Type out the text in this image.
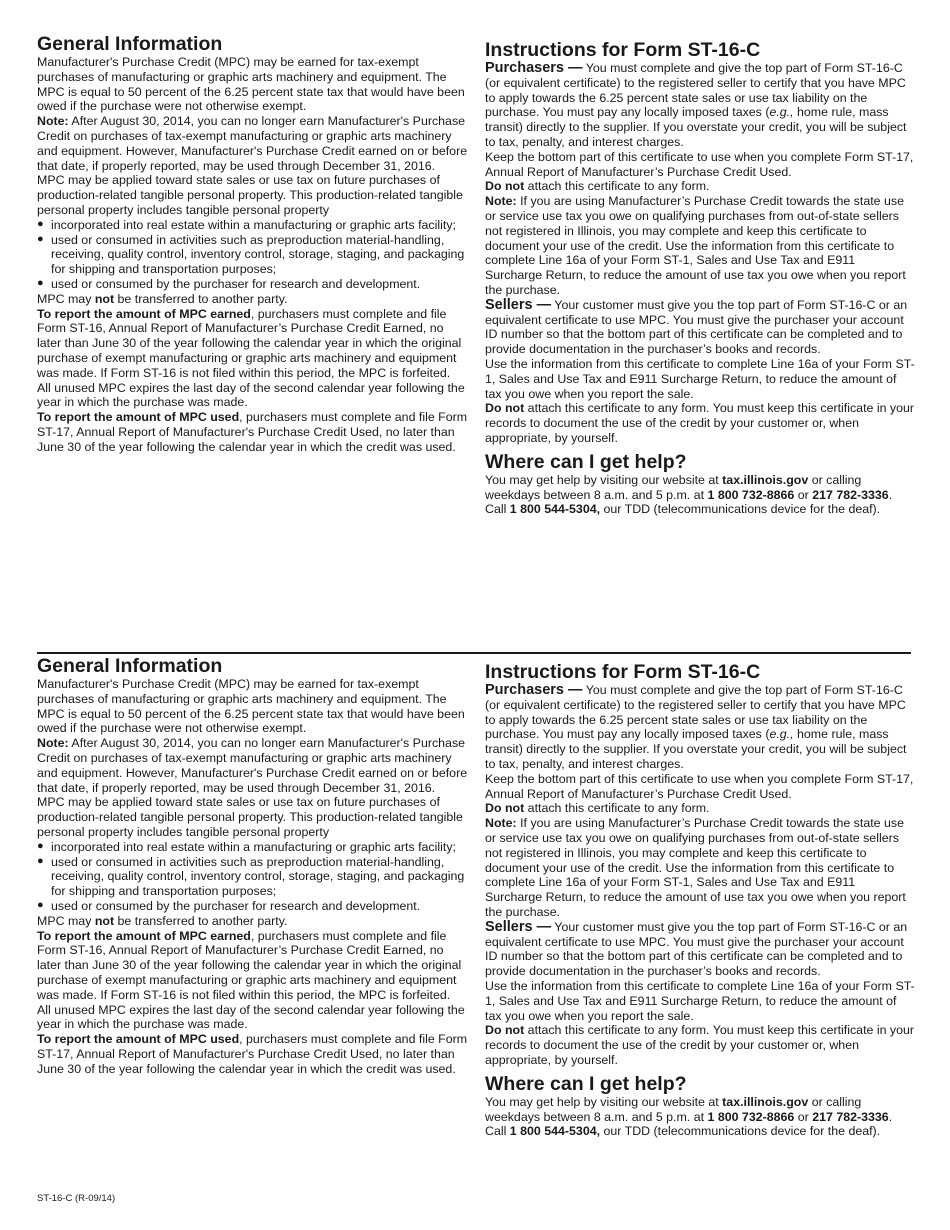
General Information

Manufacturer's Purchase Credit (MPC) may be earned for tax-exempt purchases of manufacturing or graphic arts machinery and equipment. The MPC is equal to 50 percent of the 6.25 percent state tax that would have been owed if the purchase were not otherwise exempt.

Note: After August 30, 2014, you can no longer earn Manufacturer's Purchase Credit on purchases of tax-exempt manufacturing or graphic arts machinery and equipment. However, Manufacturer's Purchase Credit earned on or before that date, if properly reported, may be used through December 31, 2016.

MPC may be applied toward state sales or use tax on future purchases of production-related tangible personal property. This production-related tangible personal property includes tangible personal property

● incorporated into real estate within a manufacturing or graphic arts facility;
● used or consumed in activities such as preproduction material-handling, receiving, quality control, inventory control, storage, staging, and packaging for shipping and transportation purposes;
● used or consumed by the purchaser for research and development.

MPC may not be transferred to another party.

To report the amount of MPC earned, purchasers must complete and file Form ST-16, Annual Report of Manufacturer’s Purchase Credit Earned, no later than June 30 of the year following the calendar year in which the original purchase of exempt manufacturing or graphic arts machinery and equipment was made. If Form ST-16 is not filed within this period, the MPC is forfeited.

All unused MPC expires the last day of the second calendar year following the year in which the purchase was made.

To report the amount of MPC used, purchasers must complete and file Form ST-17, Annual Report of Manufacturer's Purchase Credit Used, no later than June 30 of the year following the calendar year in which the credit was used.

Instructions for Form ST-16-C

Purchasers — You must complete and give the top part of Form ST-16-C (or equivalent certificate) to the registered seller to certify that you have MPC to apply towards the 6.25 percent state sales or use tax liability on the purchase. You must pay any locally imposed taxes (e.g., home rule, mass transit) directly to the supplier. If you overstate your credit, you will be subject to tax, penalty, and interest charges.

Keep the bottom part of this certificate to use when you complete Form ST-17, Annual Report of Manufacturer’s Purchase Credit Used.

Do not attach this certificate to any form.

Note: If you are using Manufacturer’s Purchase Credit towards the state use or service use tax you owe on qualifying purchases from out-of-state sellers not registered in Illinois, you may complete and keep this certificate to document your use of the credit. Use the information from this certificate to complete Line 16a of your Form ST-1, Sales and Use Tax and E911 Surcharge Return, to reduce the amount of use tax you owe when you report the purchase.

Sellers — Your customer must give you the top part of Form ST-16-C or an equivalent certificate to use MPC. You must give the purchaser your account ID number so that the bottom part of this certificate can be completed and to provide documentation in the purchaser’s books and records.

Use the information from this certificate to complete Line 16a of your Form ST-1, Sales and Use Tax and E911 Surcharge Return, to reduce the amount of tax you owe when you report the sale.

Do not attach this certificate to any form. You must keep this certificate in your records to document the use of the credit by your customer or, when appropriate, by yourself.

Where can I get help?

You may get help by visiting our website at tax.illinois.gov or calling weekdays between 8 a.m. and 5 p.m. at 1 800 732-8866 or 217 782-3336. Call 1 800 544-5304, our TDD (telecommunications device for the deaf).

General Information

Manufacturer's Purchase Credit (MPC) may be earned for tax-exempt purchases of manufacturing or graphic arts machinery and equipment. The MPC is equal to 50 percent of the 6.25 percent state tax that would have been owed if the purchase were not otherwise exempt.

Note: After August 30, 2014, you can no longer earn Manufacturer's Purchase Credit on purchases of tax-exempt manufacturing or graphic arts machinery and equipment. However, Manufacturer's Purchase Credit earned on or before that date, if properly reported, may be used through December 31, 2016.

MPC may be applied toward state sales or use tax on future purchases of production-related tangible personal property. This production-related tangible personal property includes tangible personal property

● incorporated into real estate within a manufacturing or graphic arts facility;
● used or consumed in activities such as preproduction material-handling, receiving, quality control, inventory control, storage, staging, and packaging for shipping and transportation purposes;
● used or consumed by the purchaser for research and development.

MPC may not be transferred to another party.

To report the amount of MPC earned, purchasers must complete and file Form ST-16, Annual Report of Manufacturer’s Purchase Credit Earned, no later than June 30 of the year following the calendar year in which the original purchase of exempt manufacturing or graphic arts machinery and equipment was made. If Form ST-16 is not filed within this period, the MPC is forfeited.

All unused MPC expires the last day of the second calendar year following the year in which the purchase was made.

To report the amount of MPC used, purchasers must complete and file Form ST-17, Annual Report of Manufacturer's Purchase Credit Used, no later than June 30 of the year following the calendar year in which the credit was used.

Instructions for Form ST-16-C

Purchasers — You must complete and give the top part of Form ST-16-C (or equivalent certificate) to the registered seller to certify that you have MPC to apply towards the 6.25 percent state sales or use tax liability on the purchase. You must pay any locally imposed taxes (e.g., home rule, mass transit) directly to the supplier. If you overstate your credit, you will be subject to tax, penalty, and interest charges.

Keep the bottom part of this certificate to use when you complete Form ST-17, Annual Report of Manufacturer’s Purchase Credit Used.

Do not attach this certificate to any form.

Note: If you are using Manufacturer’s Purchase Credit towards the state use or service use tax you owe on qualifying purchases from out-of-state sellers not registered in Illinois, you may complete and keep this certificate to document your use of the credit. Use the information from this certificate to complete Line 16a of your Form ST-1, Sales and Use Tax and E911 Surcharge Return, to reduce the amount of use tax you owe when you report the purchase.

Sellers — Your customer must give you the top part of Form ST-16-C or an equivalent certificate to use MPC. You must give the purchaser your account ID number so that the bottom part of this certificate can be completed and to provide documentation in the purchaser’s books and records.

Use the information from this certificate to complete Line 16a of your Form ST-1, Sales and Use Tax and E911 Surcharge Return, to reduce the amount of tax you owe when you report the sale.

Do not attach this certificate to any form. You must keep this certificate in your records to document the use of the credit by your customer or, when appropriate, by yourself.

Where can I get help?

You may get help by visiting our website at tax.illinois.gov or calling weekdays between 8 a.m. and 5 p.m. at 1 800 732-8866 or 217 782-3336. Call 1 800 544-5304, our TDD (telecommunications device for the deaf).

ST-16-C (R-09/14)
